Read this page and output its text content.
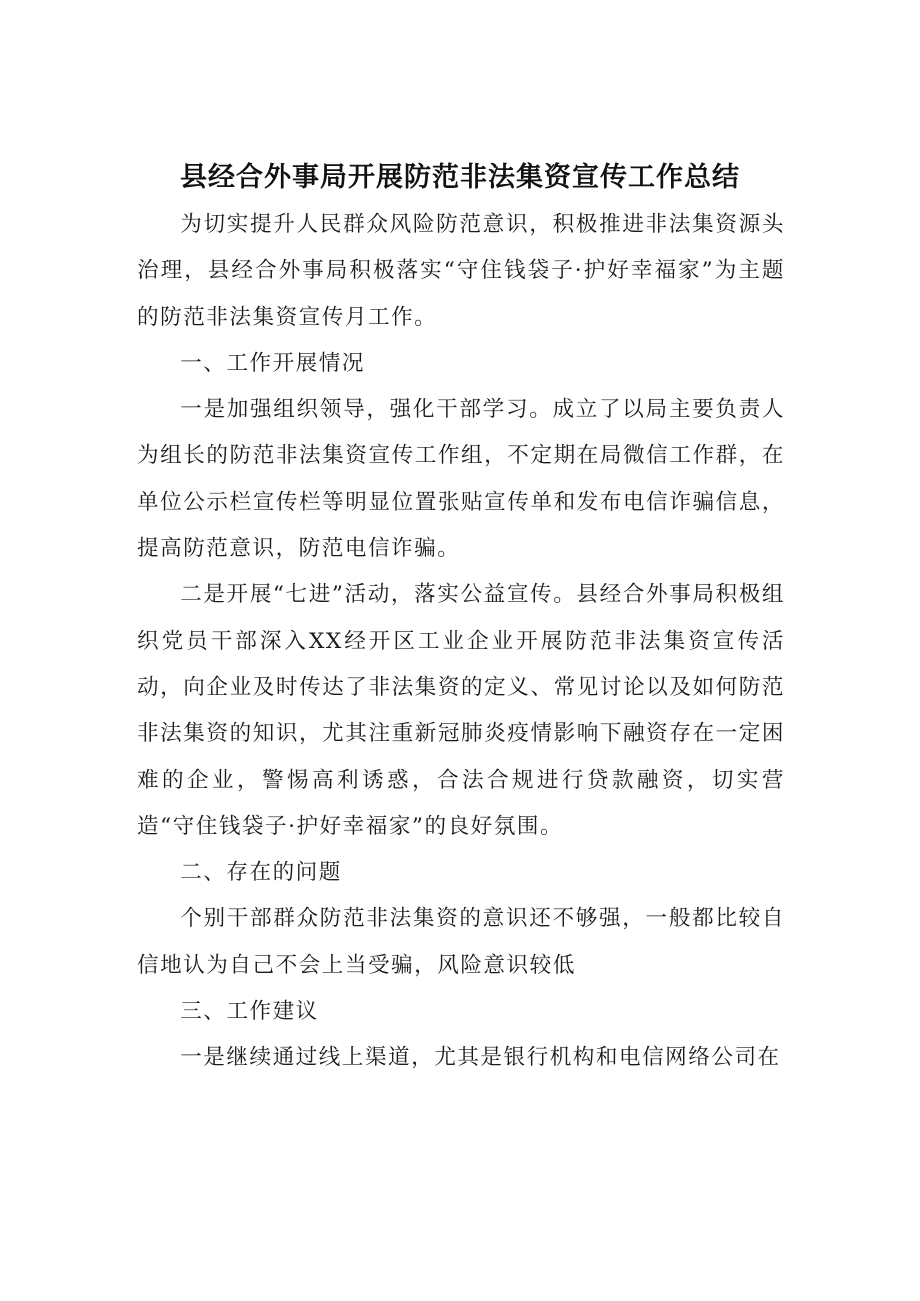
县经合外事局开展防范非法集资宣传工作总结

为切实提升人民群众风险防范意识，积极推进非法集资源头治理，县经合外事局积极落实“守住钱袋子·护好幸福家”为主题的防范非法集资宣传月工作。

一、工作开展情况

一是加强组织领导，强化干部学习。成立了以局主要负责人为组长的防范非法集资宣传工作组，不定期在局微信工作群，在单位公示栏宣传栏等明显位置张贴宣传单和发布电信诈骗信息，提高防范意识，防范电信诈骗。

二是开展“七进”活动，落实公益宣传。县经合外事局积极组织党员干部深入XX经开区工业企业开展防范非法集资宣传活动，向企业及时传达了非法集资的定义、常见讨论以及如何防范非法集资的知识，尤其注重新冠肺炎疫情影响下融资存在一定困难的企业，警惕高利诱惑，合法合规进行贷款融资，切实营造“守住钱袋子·护好幸福家”的良好氛围。

二、存在的问题

个别干部群众防范非法集资的意识还不够强，一般都比较自信地认为自己不会上当受骗，风险意识较低

三、工作建议

一是继续通过线上渠道，尤其是银行机构和电信网络公司在
